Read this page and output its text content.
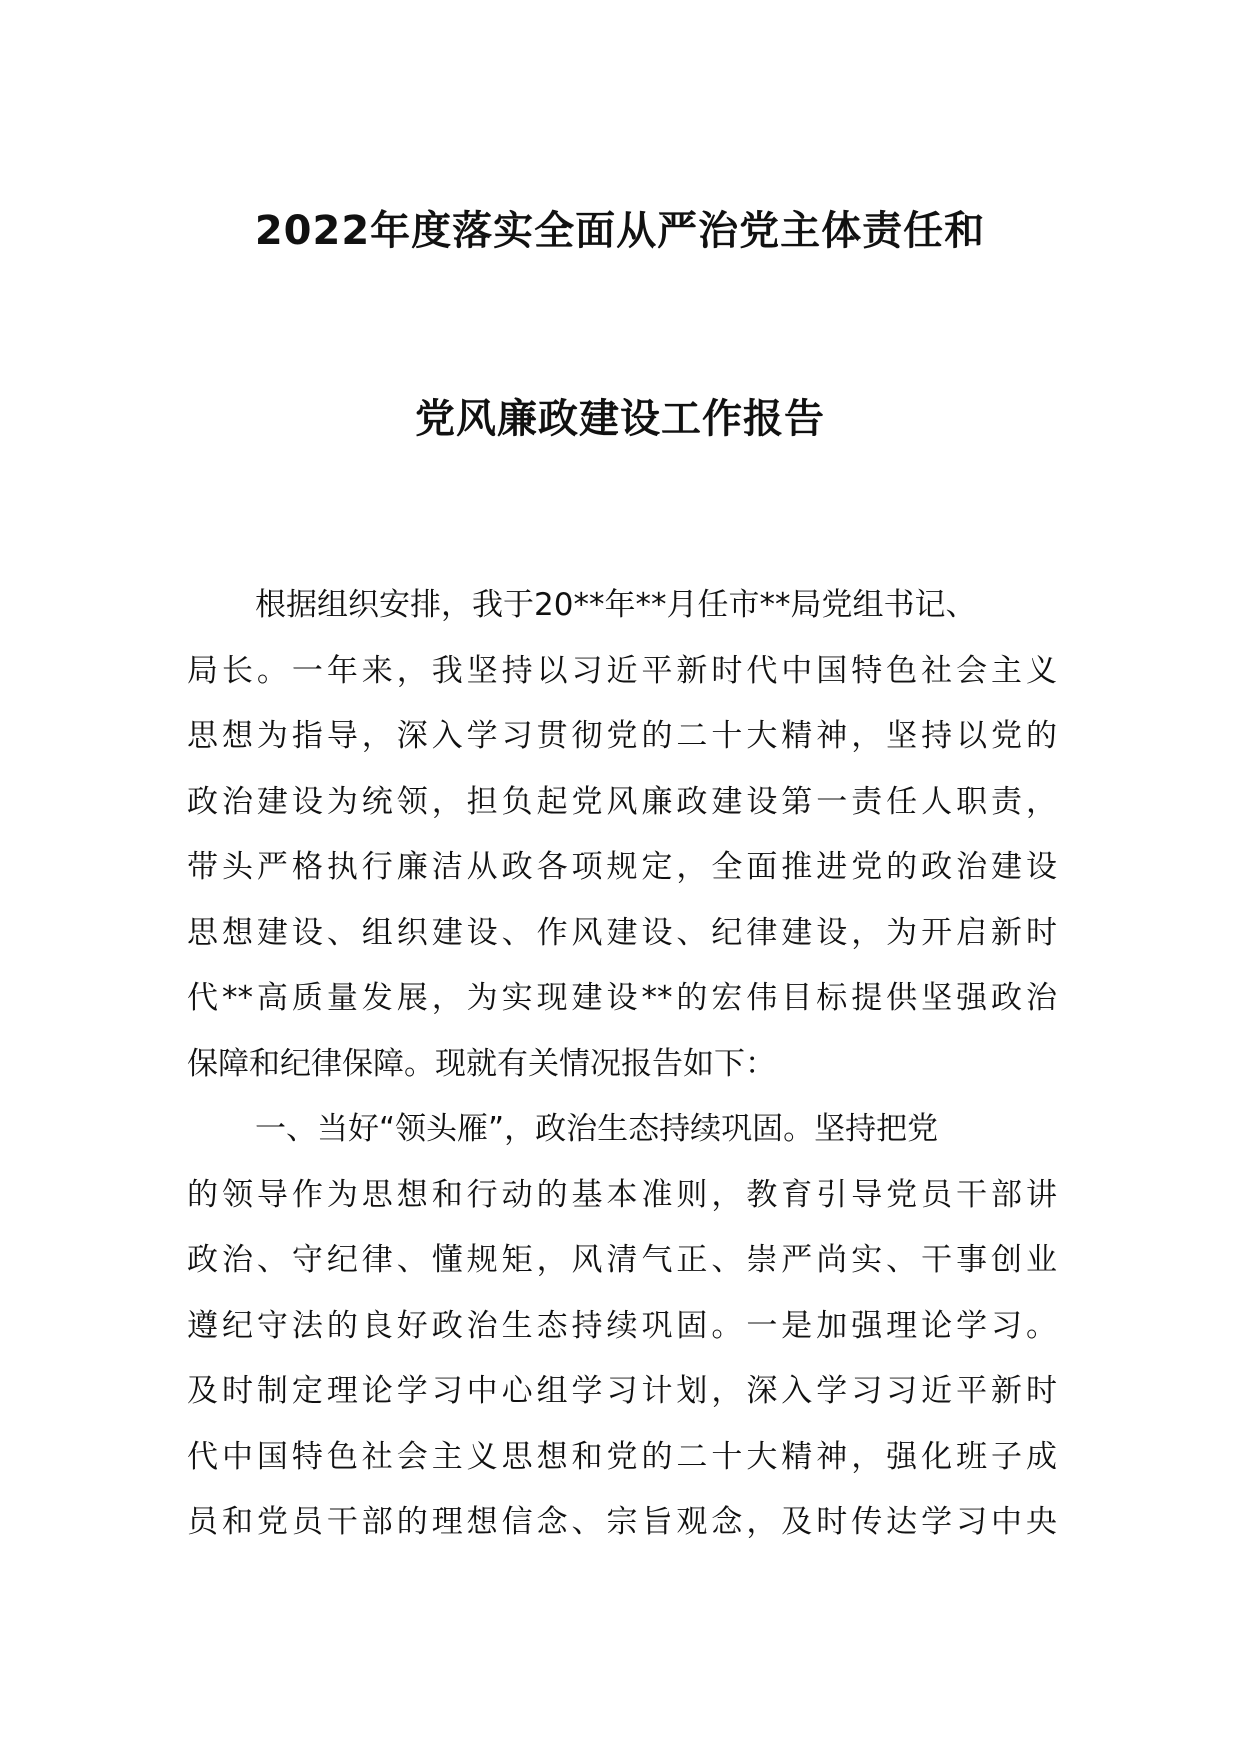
2022年度落实全面从严治党主体责任和
党风廉政建设工作报告
根据组织安排，我于20**年**月任市**局党组书记、
局长。一年来，我坚持以习近平新时代中国特色社会主义
思想为指导，深入学习贯彻党的二十大精神，坚持以党的
政治建设为统领，担负起党风廉政建设第一责任人职责，
带头严格执行廉洁从政各项规定，全面推进党的政治建设
思想建设、组织建设、作风建设、纪律建设，为开启新时
代**高质量发展，为实现建设**的宏伟目标提供坚强政治
保障和纪律保障。现就有关情况报告如下：
一、当好“领头雁”，政治生态持续巩固。坚持把党
的领导作为思想和行动的基本准则，教育引导党员干部讲
政治、守纪律、懂规矩，风清气正、崇严尚实、干事创业
遵纪守法的良好政治生态持续巩固。一是加强理论学习。
及时制定理论学习中心组学习计划，深入学习习近平新时
代中国特色社会主义思想和党的二十大精神，强化班子成
员和党员干部的理想信念、宗旨观念，及时传达学习中央
